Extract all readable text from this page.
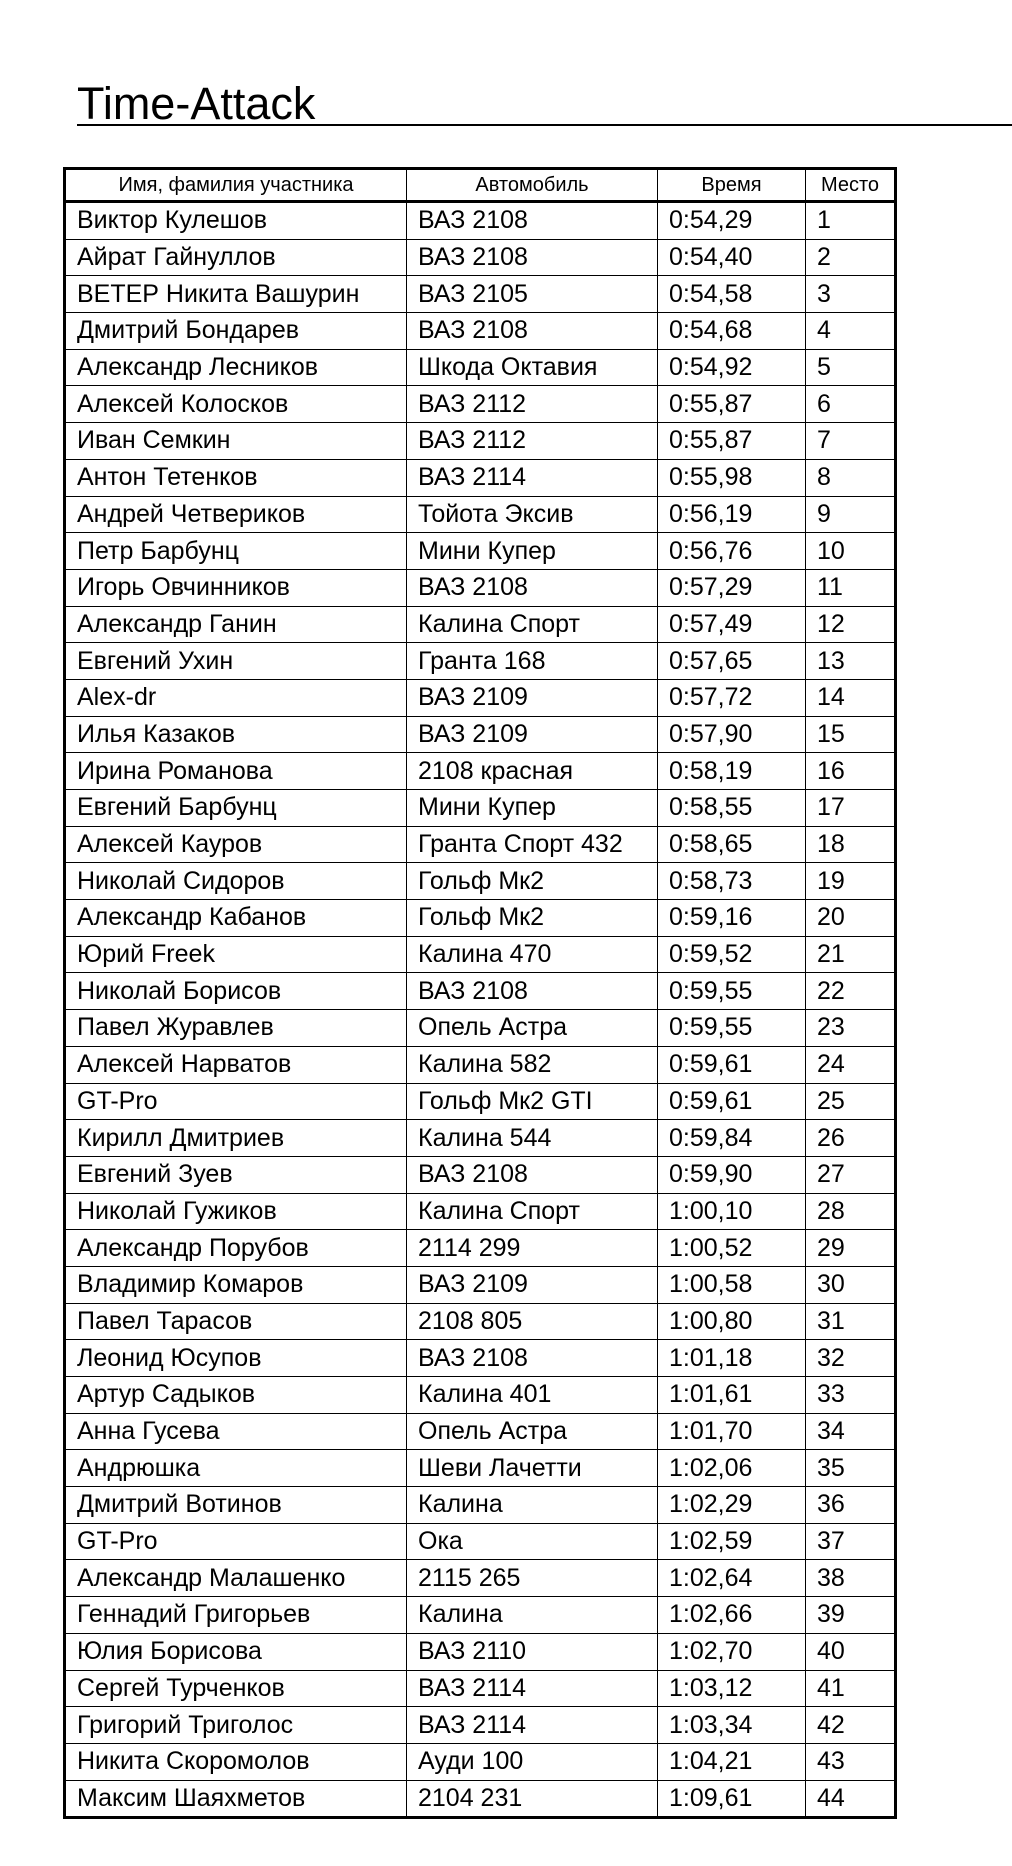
Time-Attack
Имя, фамилия участника	Автомобиль	Время	Место
Виктор Кулешов	ВАЗ 2108	0:54,29	1
Айрат Гайнуллов	ВАЗ 2108	0:54,40	2
ВЕТЕР Никита Вашурин	ВАЗ 2105	0:54,58	3
Дмитрий Бондарев	ВАЗ 2108	0:54,68	4
Александр Лесников	Шкода Октавия	0:54,92	5
Алексей Колосков	ВАЗ 2112	0:55,87	6
Иван Семкин	ВАЗ 2112	0:55,87	7
Антон Тетенков	ВАЗ 2114	0:55,98	8
Андрей Четвериков	Тойота Эксив	0:56,19	9
Петр Барбунц	Мини Купер	0:56,76	10
Игорь Овчинников	ВАЗ 2108	0:57,29	11
Александр Ганин	Калина Спорт	0:57,49	12
Евгений Ухин	Гранта 168	0:57,65	13
Alex-dr	ВАЗ 2109	0:57,72	14
Илья Казаков	ВАЗ 2109	0:57,90	15
Ирина Романова	2108 красная	0:58,19	16
Евгений Барбунц	Мини Купер	0:58,55	17
Алексей Кауров	Гранта Спорт 432	0:58,65	18
Николай Сидоров	Гольф Мк2	0:58,73	19
Александр Кабанов	Гольф Мк2	0:59,16	20
Юрий Freek	Калина 470	0:59,52	21
Николай Борисов	ВАЗ 2108	0:59,55	22
Павел Журавлев	Опель Астра	0:59,55	23
Алексей Нарватов	Калина 582	0:59,61	24
GT-Pro	Гольф Мк2 GTI	0:59,61	25
Кирилл Дмитриев	Калина 544	0:59,84	26
Евгений Зуев	ВАЗ 2108	0:59,90	27
Николай Гужиков	Калина Спорт	1:00,10	28
Александр Порубов	2114 299	1:00,52	29
Владимир Комаров	ВАЗ 2109	1:00,58	30
Павел Тарасов	2108 805	1:00,80	31
Леонид Юсупов	ВАЗ 2108	1:01,18	32
Артур Садыков	Калина 401	1:01,61	33
Анна Гусева	Опель Астра	1:01,70	34
Андрюшка	Шеви Лачетти	1:02,06	35
Дмитрий Вотинов	Калина	1:02,29	36
GT-Pro	Ока	1:02,59	37
Александр Малашенко	2115 265	1:02,64	38
Геннадий Григорьев	Калина	1:02,66	39
Юлия Борисова	ВАЗ 2110	1:02,70	40
Сергей Турченков	ВАЗ 2114	1:03,12	41
Григорий Триголос	ВАЗ 2114	1:03,34	42
Никита Скоромолов	Ауди 100	1:04,21	43
Максим Шаяхметов	2104 231	1:09,61	44
